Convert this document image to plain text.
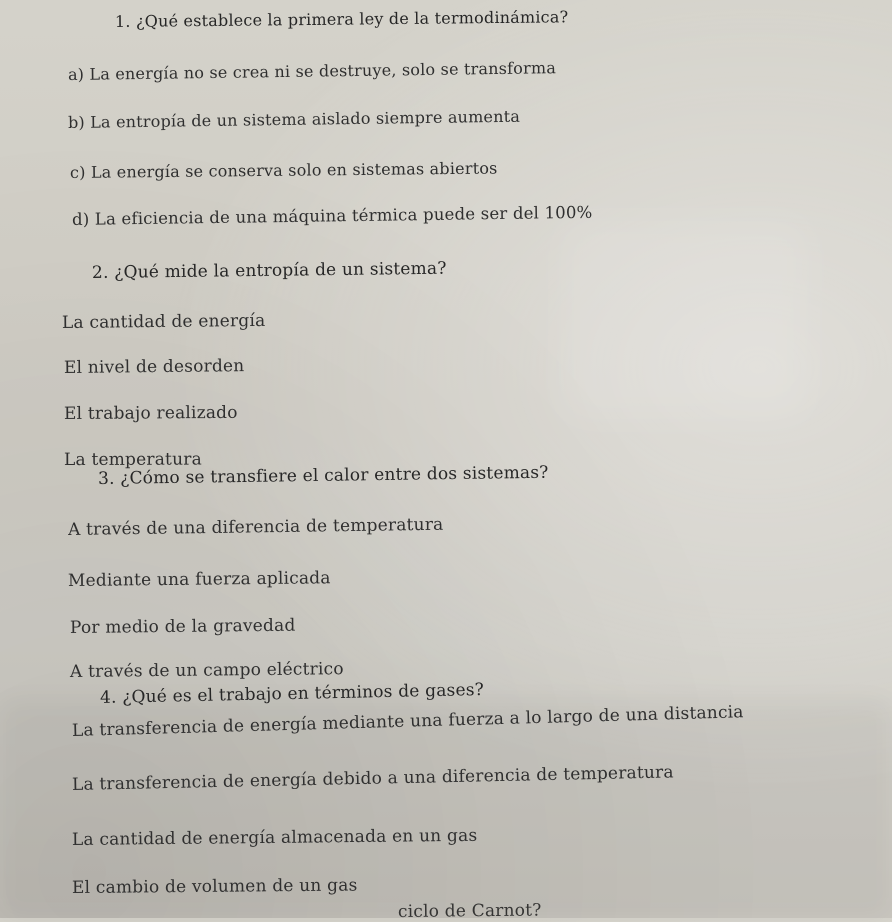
1. ¿Qué establece la primera ley de la termodinámica?
a) La energía no se crea ni se destruye, solo se transforma
b) La entropía de un sistema aislado siempre aumenta
c) La energía se conserva solo en sistemas abiertos
d) La eficiencia de una máquina térmica puede ser del 100%
2. ¿Qué mide la entropía de un sistema?
La cantidad de energía
El nivel de desorden
El trabajo realizado
La temperatura
3. ¿Cómo se transfiere el calor entre dos sistemas?
A través de una diferencia de temperatura
Mediante una fuerza aplicada
Por medio de la gravedad
A través de un campo eléctrico
4. ¿Qué es el trabajo en términos de gases?
La transferencia de energía mediante una fuerza a lo largo de una distancia
La transferencia de energía debido a una diferencia de temperatura
La cantidad de energía almacenada en un gas
El cambio de volumen de un gas
ciclo de Carnot?
